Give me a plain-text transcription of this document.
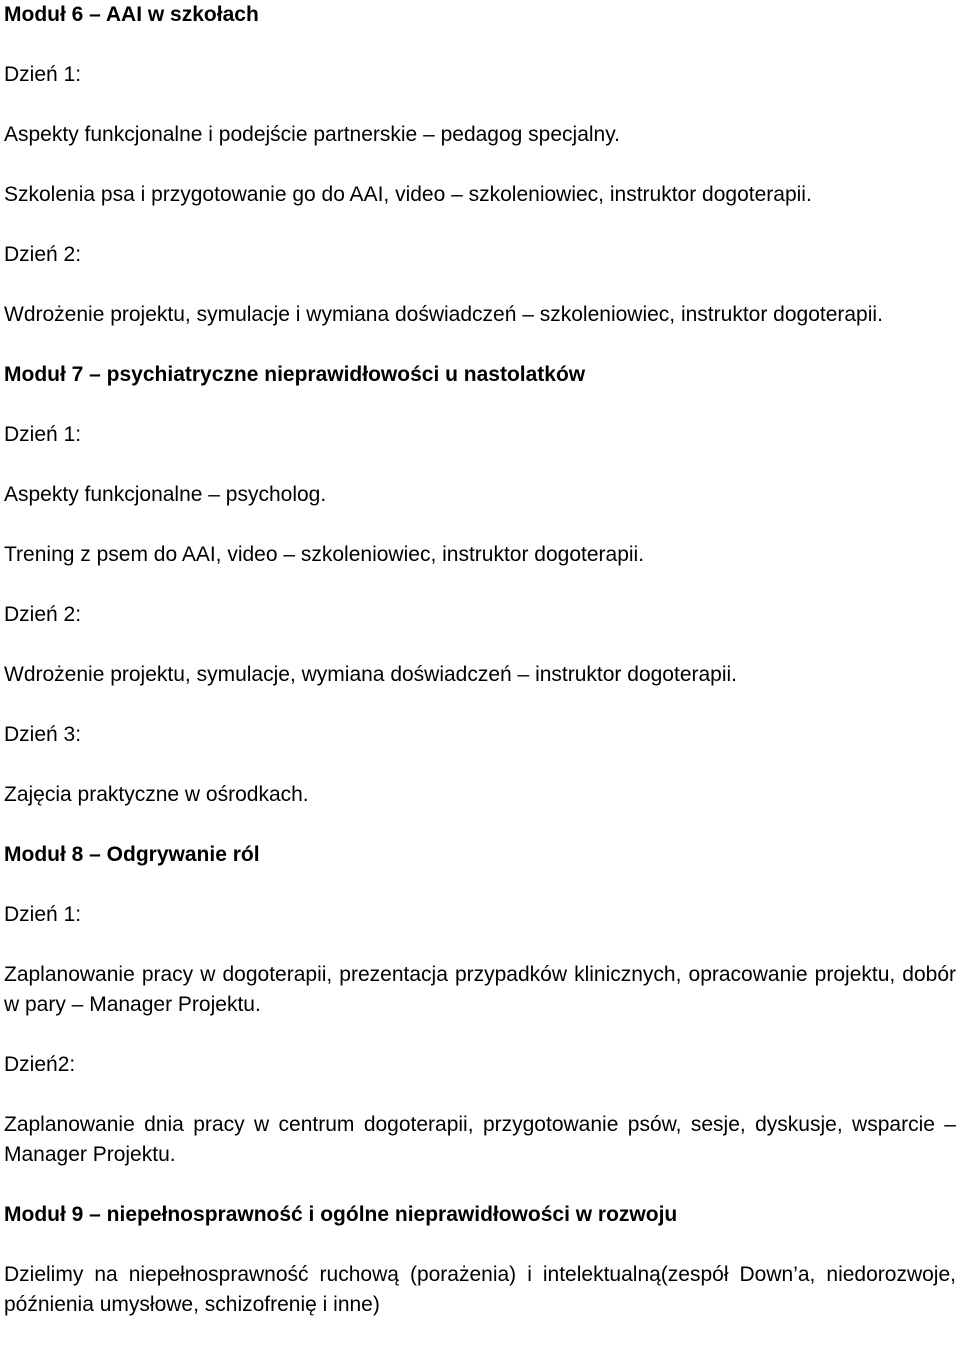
Moduł 6 – AAI w szkołach
Dzień 1:
Aspekty funkcjonalne i podejście partnerskie – pedagog specjalny.
Szkolenia psa i przygotowanie go do AAI, video – szkoleniowiec, instruktor dogoterapii.
Dzień 2:
Wdrożenie projektu, symulacje i wymiana doświadczeń – szkoleniowiec, instruktor dogoterapii.
Moduł 7 – psychiatryczne nieprawidłowości u nastolatków
Dzień 1:
Aspekty funkcjonalne – psycholog.
Trening z psem do AAI, video – szkoleniowiec, instruktor dogoterapii.
Dzień 2:
Wdrożenie projektu, symulacje, wymiana doświadczeń – instruktor dogoterapii.
Dzień 3:
Zajęcia praktyczne w ośrodkach.
Moduł 8 – Odgrywanie ról
Dzień 1:
Zaplanowanie pracy w dogoterapii, prezentacja przypadków klinicznych, opracowanie projektu, dobór w pary – Manager Projektu.
Dzień2:
Zaplanowanie dnia pracy w centrum dogoterapii, przygotowanie psów, sesje, dyskusje, wsparcie – Manager Projektu.
Moduł 9 – niepełnosprawność i ogólne nieprawidłowości w rozwoju
Dzielimy na niepełnosprawność ruchową (porażenia) i intelektualną(zespół Down’a, niedorozwoje, późnienia umysłowe, schizofrenię i inne)
